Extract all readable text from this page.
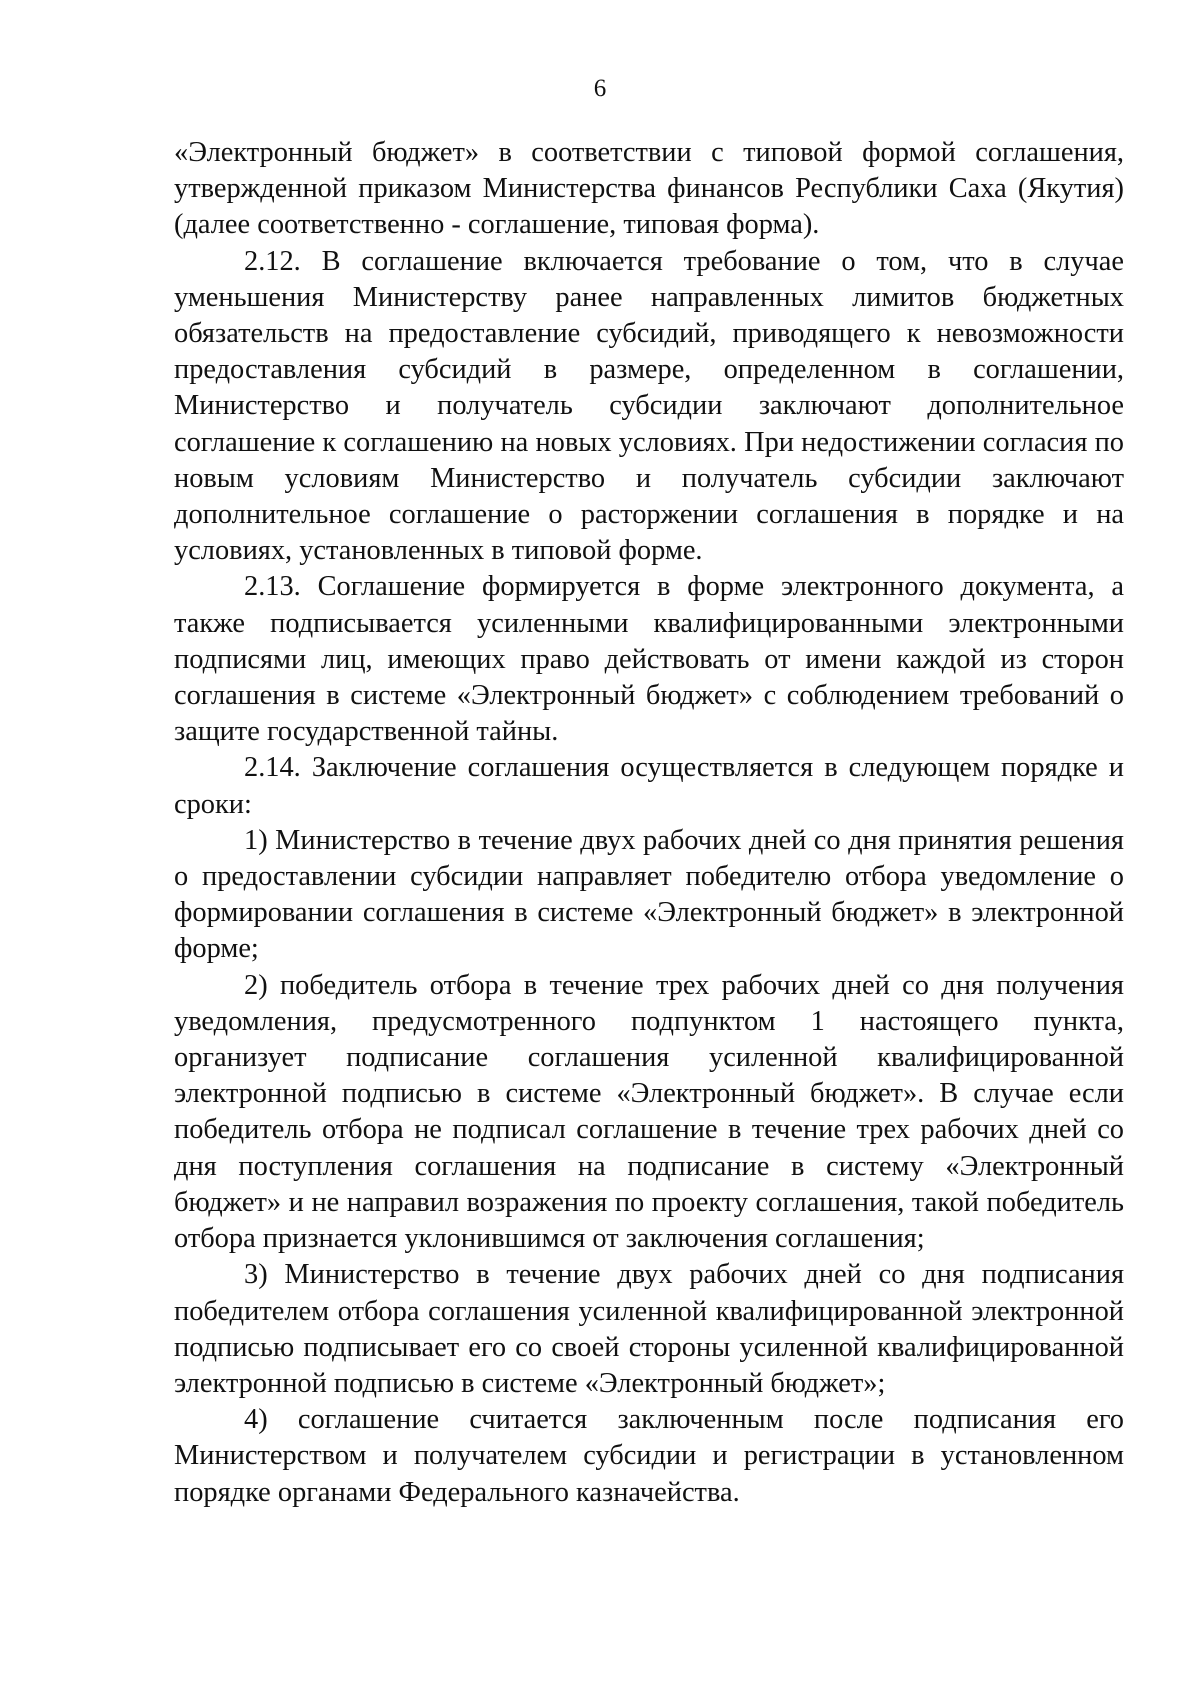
6

«Электронный бюджет» в соответствии с типовой формой соглашения, утвержденной приказом Министерства финансов Республики Саха (Якутия) (далее соответственно - соглашение, типовая форма).

2.12. В соглашение включается требование о том, что в случае уменьшения Министерству ранее направленных лимитов бюджетных обязательств на предоставление субсидий, приводящего к невозможности предоставления субсидий в размере, определенном в соглашении, Министерство и получатель субсидии заключают дополнительное соглашение к соглашению на новых условиях. При недостижении согласия по новым условиям Министерство и получатель субсидии заключают дополнительное соглашение о расторжении соглашения в порядке и на условиях, установленных в типовой форме.

2.13. Соглашение формируется в форме электронного документа, а также подписывается усиленными квалифицированными электронными подписями лиц, имеющих право действовать от имени каждой из сторон соглашения в системе «Электронный бюджет» с соблюдением требований о защите государственной тайны.

2.14. Заключение соглашения осуществляется в следующем порядке и сроки:

1) Министерство в течение двух рабочих дней со дня принятия решения о предоставлении субсидии направляет победителю отбора уведомление о формировании соглашения в системе «Электронный бюджет» в электронной форме;

2) победитель отбора в течение трех рабочих дней со дня получения уведомления, предусмотренного подпунктом 1 настоящего пункта, организует подписание соглашения усиленной квалифицированной электронной подписью в системе «Электронный бюджет». В случае если победитель отбора не подписал соглашение в течение трех рабочих дней со дня поступления соглашения на подписание в систему «Электронный бюджет» и не направил возражения по проекту соглашения, такой победитель отбора признается уклонившимся от заключения соглашения;

3) Министерство в течение двух рабочих дней со дня подписания победителем отбора соглашения усиленной квалифицированной электронной подписью подписывает его со своей стороны усиленной квалифицированной электронной подписью в системе «Электронный бюджет»;

4) соглашение считается заключенным после подписания его Министерством и получателем субсидии и регистрации в установленном порядке органами Федерального казначейства.
